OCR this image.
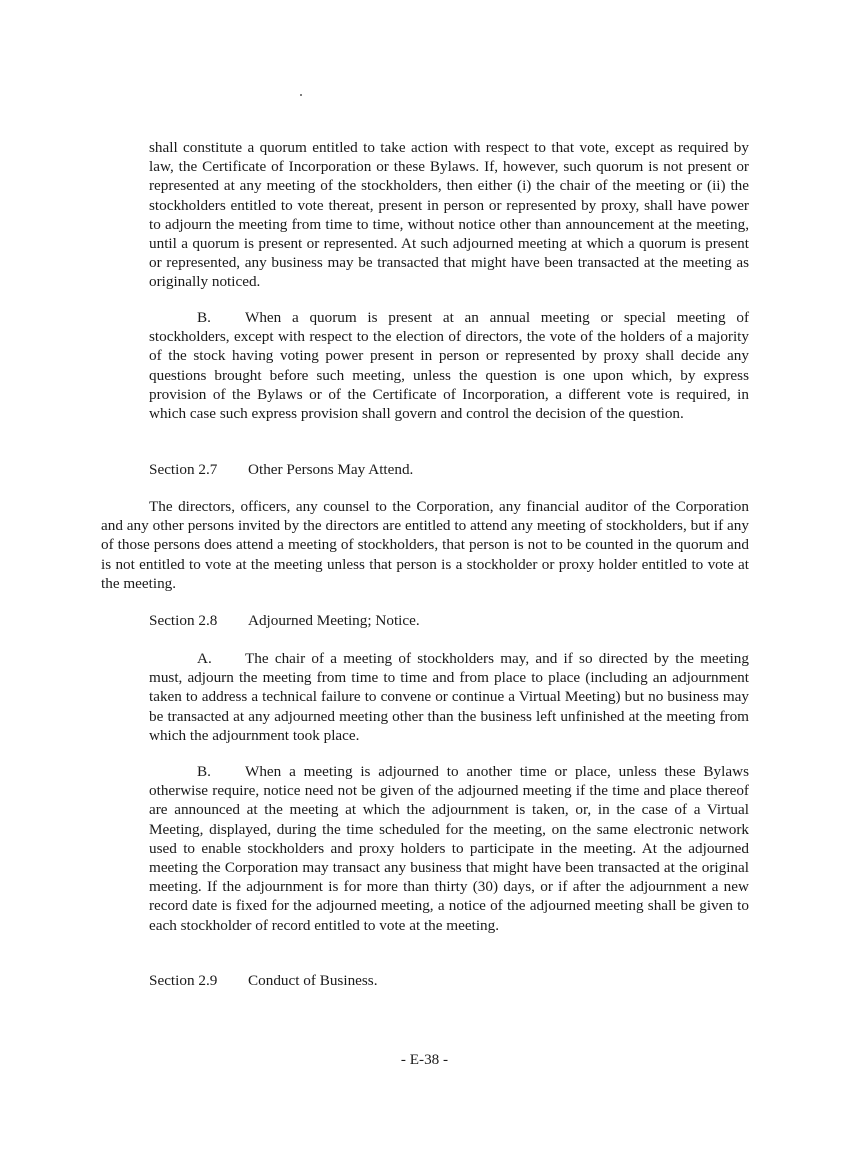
shall constitute a quorum entitled to take action with respect to that vote, except as required by law, the Certificate of Incorporation or these Bylaws. If, however, such quorum is not present or represented at any meeting of the stockholders, then either (i) the chair of the meeting or (ii) the stockholders entitled to vote thereat, present in person or represented by proxy, shall have power to adjourn the meeting from time to time, without notice other than announcement at the meeting, until a quorum is present or represented. At such adjourned meeting at which a quorum is present or represented, any business may be transacted that might have been transacted at the meeting as originally noticed.

B. When a quorum is present at an annual meeting or special meeting of stockholders, except with respect to the election of directors, the vote of the holders of a majority of the stock having voting power present in person or represented by proxy shall decide any questions brought before such meeting, unless the question is one upon which, by express provision of the Bylaws or of the Certificate of Incorporation, a different vote is required, in which case such express provision shall govern and control the decision of the question.

Section 2.7 Other Persons May Attend.

The directors, officers, any counsel to the Corporation, any financial auditor of the Corporation and any other persons invited by the directors are entitled to attend any meeting of stockholders, but if any of those persons does attend a meeting of stockholders, that person is not to be counted in the quorum and is not entitled to vote at the meeting unless that person is a stockholder or proxy holder entitled to vote at the meeting.

Section 2.8 Adjourned Meeting; Notice.

A. The chair of a meeting of stockholders may, and if so directed by the meeting must, adjourn the meeting from time to time and from place to place (including an adjournment taken to address a technical failure to convene or continue a Virtual Meeting) but no business may be transacted at any adjourned meeting other than the business left unfinished at the meeting from which the adjournment took place.

B. When a meeting is adjourned to another time or place, unless these Bylaws otherwise require, notice need not be given of the adjourned meeting if the time and place thereof are announced at the meeting at which the adjournment is taken, or, in the case of a Virtual Meeting, displayed, during the time scheduled for the meeting, on the same electronic network used to enable stockholders and proxy holders to participate in the meeting. At the adjourned meeting the Corporation may transact any business that might have been transacted at the original meeting. If the adjournment is for more than thirty (30) days, or if after the adjournment a new record date is fixed for the adjourned meeting, a notice of the adjourned meeting shall be given to each stockholder of record entitled to vote at the meeting.

Section 2.9 Conduct of Business.
- E-38 -
